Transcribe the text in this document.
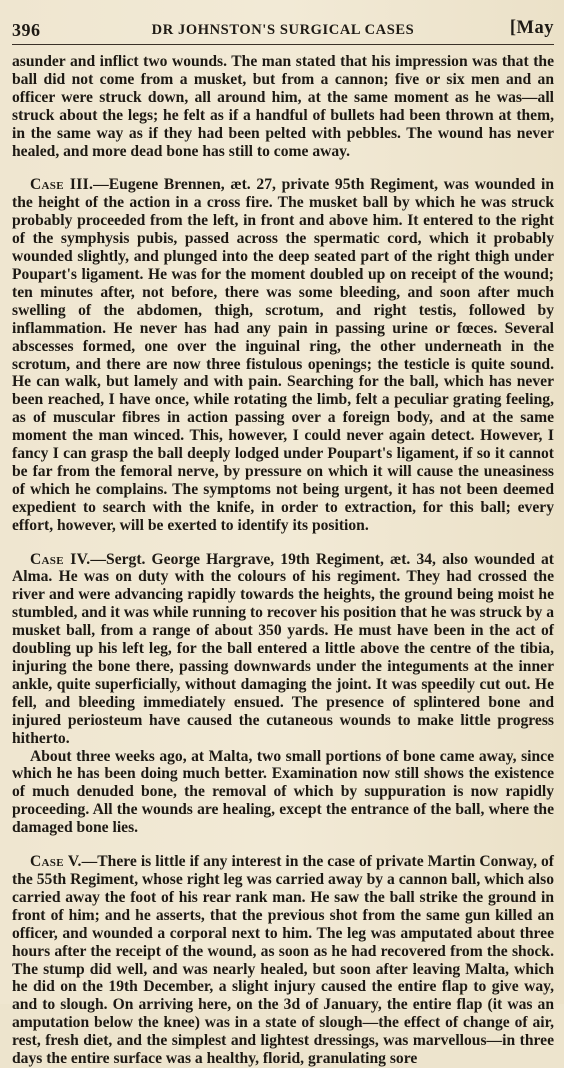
396	DR JOHNSTON'S SURGICAL CASES	[May

asunder and inflict two wounds. The man stated that his impression was that the ball did not come from a musket, but from a cannon; five or six men and an officer were struck down, all around him, at the same moment as he was—all struck about the legs; he felt as if a handful of bullets had been thrown at them, in the same way as if they had been pelted with pebbles. The wound has never healed, and more dead bone has still to come away.

Case III.—Eugene Brennen, æt. 27, private 95th Regiment, was wounded in the height of the action in a cross fire. The musket ball by which he was struck probably proceeded from the left, in front and above him. It entered to the right of the symphysis pubis, passed across the spermatic cord, which it probably wounded slightly, and plunged into the deep seated part of the right thigh under Poupart's ligament. He was for the moment doubled up on receipt of the wound; ten minutes after, not before, there was some bleeding, and soon after much swelling of the abdomen, thigh, scrotum, and right testis, followed by inflammation. He never has had any pain in passing urine or fœces. Several abscesses formed, one over the inguinal ring, the other underneath in the scrotum, and there are now three fistulous openings; the testicle is quite sound. He can walk, but lamely and with pain. Searching for the ball, which has never been reached, I have once, while rotating the limb, felt a peculiar grating feeling, as of muscular fibres in action passing over a foreign body, and at the same moment the man winced. This, however, I could never again detect. However, I fancy I can grasp the ball deeply lodged under Poupart's ligament, if so it cannot be far from the femoral nerve, by pressure on which it will cause the uneasiness of which he complains. The symptoms not being urgent, it has not been deemed expedient to search with the knife, in order to extraction, for this ball; every effort, however, will be exerted to identify its position.

Case IV.—Sergt. George Hargrave, 19th Regiment, æt. 34, also wounded at Alma. He was on duty with the colours of his regiment. They had crossed the river and were advancing rapidly towards the heights, the ground being moist he stumbled, and it was while running to recover his position that he was struck by a musket ball, from a range of about 350 yards. He must have been in the act of doubling up his left leg, for the ball entered a little above the centre of the tibia, injuring the bone there, passing downwards under the integuments at the inner ankle, quite superficially, without damaging the joint. It was speedily cut out. He fell, and bleeding immediately ensued. The presence of splintered bone and injured periosteum have caused the cutaneous wounds to make little progress hitherto.

About three weeks ago, at Malta, two small portions of bone came away, since which he has been doing much better. Examination now still shows the existence of much denuded bone, the removal of which by suppuration is now rapidly proceeding. All the wounds are healing, except the entrance of the ball, where the damaged bone lies.

Case V.—There is little if any interest in the case of private Martin Conway, of the 55th Regiment, whose right leg was carried away by a cannon ball, which also carried away the foot of his rear rank man. He saw the ball strike the ground in front of him; and he asserts, that the previous shot from the same gun killed an officer, and wounded a corporal next to him. The leg was amputated about three hours after the receipt of the wound, as soon as he had recovered from the shock. The stump did well, and was nearly healed, but soon after leaving Malta, which he did on the 19th December, a slight injury caused the entire flap to give way, and to slough. On arriving here, on the 3d of January, the entire flap (it was an amputation below the knee) was in a state of slough—the effect of change of air, rest, fresh diet, and the simplest and lightest dressings, was marvellous—in three days the entire surface was a healthy, florid, granulating sore
